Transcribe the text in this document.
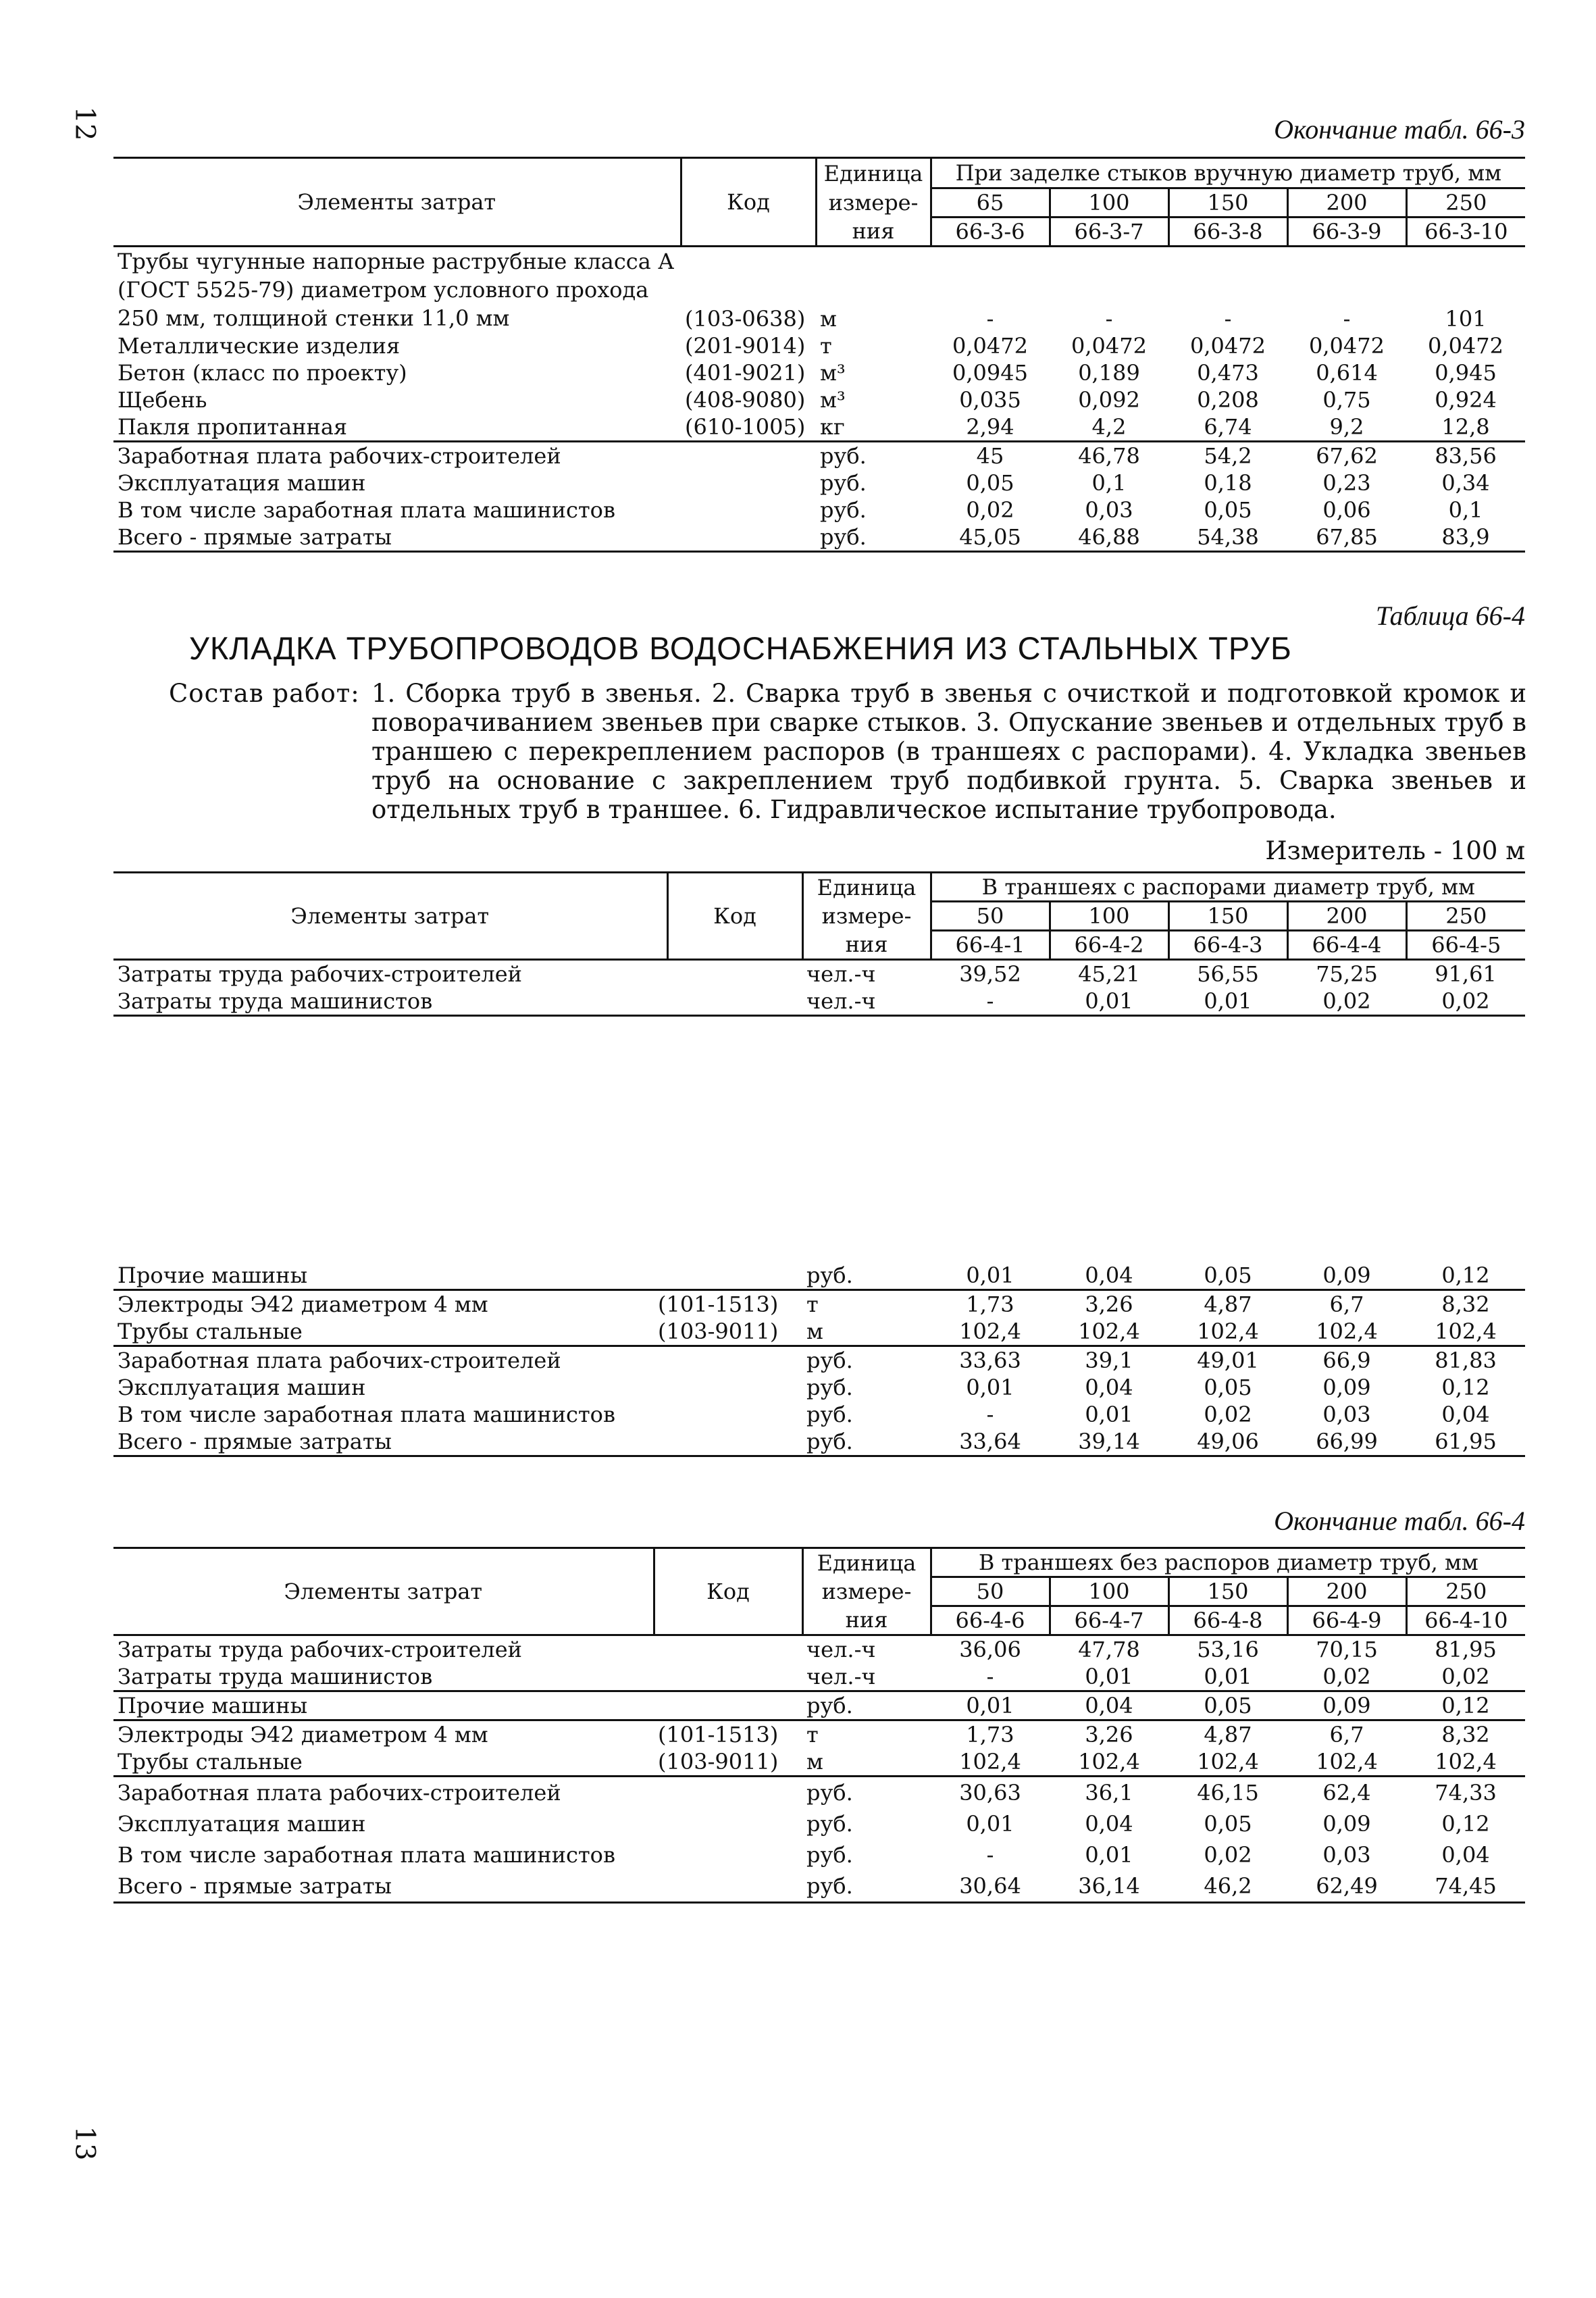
12
13
Окончание табл. 66-3
Элементы затрат	Код	Единица	При заделке стыков вручную диаметр труб, мм				
		измере-	65	100	150	200	250
		ния	66-3-6	66-3-7	66-3-8	66-3-9	66-3-10
Трубы чугунные напорные раструбные класса А (ГОСТ 5525-79) диаметром условного прохода 250 мм, толщиной стенки 11,0 мм	(103-0638)	м	-	-	-	-	101
Металлические изделия	(201-9014)	т	0,0472	0,0472	0,0472	0,0472	0,0472
Бетон (класс по проекту)	(401-9021)	м³	0,0945	0,189	0,473	0,614	0,945
Щебень	(408-9080)	м³	0,035	0,092	0,208	0,75	0,924
Пакля пропитанная	(610-1005)	кг	2,94	4,2	6,74	9,2	12,8
Заработная плата рабочих-строителей		руб.	45	46,78	54,2	67,62	83,56
Эксплуатация машин		руб.	0,05	0,1	0,18	0,23	0,34
В том числе заработная плата машинистов		руб.	0,02	0,03	0,05	0,06	0,1
Всего - прямые затраты		руб.	45,05	46,88	54,38	67,85	83,9
Таблица 66-4
УКЛАДКА ТРУБОПРОВОДОВ ВОДОСНАБЖЕНИЯ ИЗ СТАЛЬНЫХ ТРУБ
Состав работ: 1. Сборка труб в звенья. 2. Сварка труб в звенья с очисткой и подготовкой кромок и поворачиванием звеньев при сварке стыков. 3. Опускание звеньев и отдельных труб в траншею с перекреплением распоров (в траншеях с распорами). 4. Укладка звеньев труб на основание с закреплением труб подбивкой грунта. 5. Сварка звеньев и отдельных труб в траншее. 6. Гидравлическое испытание трубопровода.
Измеритель - 100 м
Элементы затрат	Код	Единица	В траншеях с распорами диаметр труб, мм				
		измере-	50	100	150	200	250
		ния	66-4-1	66-4-2	66-4-3	66-4-4	66-4-5
Затраты труда рабочих-строителей		чел.-ч	39,52	45,21	56,55	75,25	91,61
Затраты труда машинистов		чел.-ч	-	0,01	0,01	0,02	0,02
Прочие машины		руб.	0,01	0,04	0,05	0,09	0,12
Электроды Э42 диаметром 4 мм	(101-1513)	т	1,73	3,26	4,87	6,7	8,32
Трубы стальные	(103-9011)	м	102,4	102,4	102,4	102,4	102,4
Заработная плата рабочих-строителей		руб.	33,63	39,1	49,01	66,9	81,83
Эксплуатация машин		руб.	0,01	0,04	0,05	0,09	0,12
В том числе заработная плата машинистов		руб.	-	0,01	0,02	0,03	0,04
Всего - прямые затраты		руб.	33,64	39,14	49,06	66,99	61,95
Окончание табл. 66-4
Элементы затрат	Код	Единица	В траншеях без распоров диаметр труб, мм				
		измере-	50	100	150	200	250
		ния	66-4-6	66-4-7	66-4-8	66-4-9	66-4-10
Затраты труда рабочих-строителей		чел.-ч	36,06	47,78	53,16	70,15	81,95
Затраты труда машинистов		чел.-ч	-	0,01	0,01	0,02	0,02
Прочие машины		руб.	0,01	0,04	0,05	0,09	0,12
Электроды Э42 диаметром 4 мм	(101-1513)	т	1,73	3,26	4,87	6,7	8,32
Трубы стальные	(103-9011)	м	102,4	102,4	102,4	102,4	102,4
Заработная плата рабочих-строителей		руб.	30,63	36,1	46,15	62,4	74,33
Эксплуатация машин		руб.	0,01	0,04	0,05	0,09	0,12
В том числе заработная плата машинистов		руб.	-	0,01	0,02	0,03	0,04
Всего - прямые затраты		руб.	30,64	36,14	46,2	62,49	74,45
